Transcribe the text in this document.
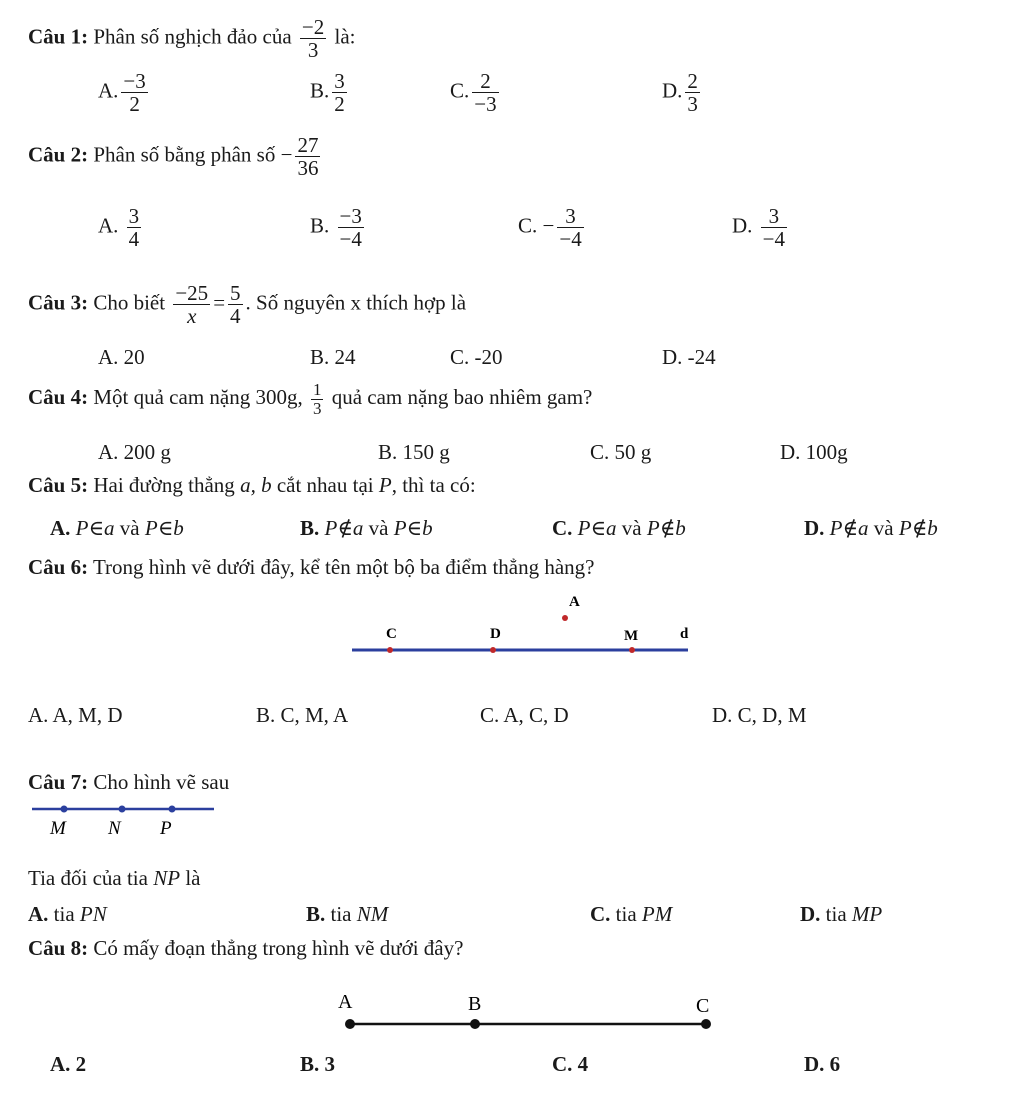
Câu 1: Phân số nghịch đảo của $\frac{-2}{3}$ là:
A. $\frac{-3}{2}$	B. $\frac{3}{2}$	C. $\frac{2}{-3}$	D. $\frac{2}{3}$
Câu 2: Phân số bằng phân số − $\frac{27}{36}$
A. $\frac{3}{4}$	B. $\frac{-3}{-4}$	C. − $\frac{3}{-4}$	D. $\frac{3}{-4}$
Câu 3: Cho biết $\frac{-25}{x} = \frac{5}{4}$ . Số nguyên x thích hợp là
A. 20	B. 24	C. -20	D. -24
Câu 4: Một quả cam nặng 300g, $\frac{1}{3}$ quả cam nặng bao nhiêm gam?
A. 200 g	B. 150 g	C. 50 g	D. 100g
Câu 5: Hai đường thẳng a, b cắt nhau tại P, thì ta có:
A. P∈a và P∈b	B. P∉a và P∈b	C. P∈a và P∉b	D. P∉a và P∉b
Câu 6: Trong hình vẽ dưới đây, kể tên một bộ ba điểm thẳng hàng?
C	D	M
A
d
A. A, M, D	B. C, M, A	C. A, C, D	D. C, D, M
Câu 7: Cho hình vẽ sau
M N P
Tia đối của tia NP là
A. tia PN	B. tia NM	C. tia PM	D. tia MP
Câu 8: Có mấy đoạn thẳng trong hình vẽ dưới đây?
A	B	C
A. 2	B. 3	C. 4	D. 6
